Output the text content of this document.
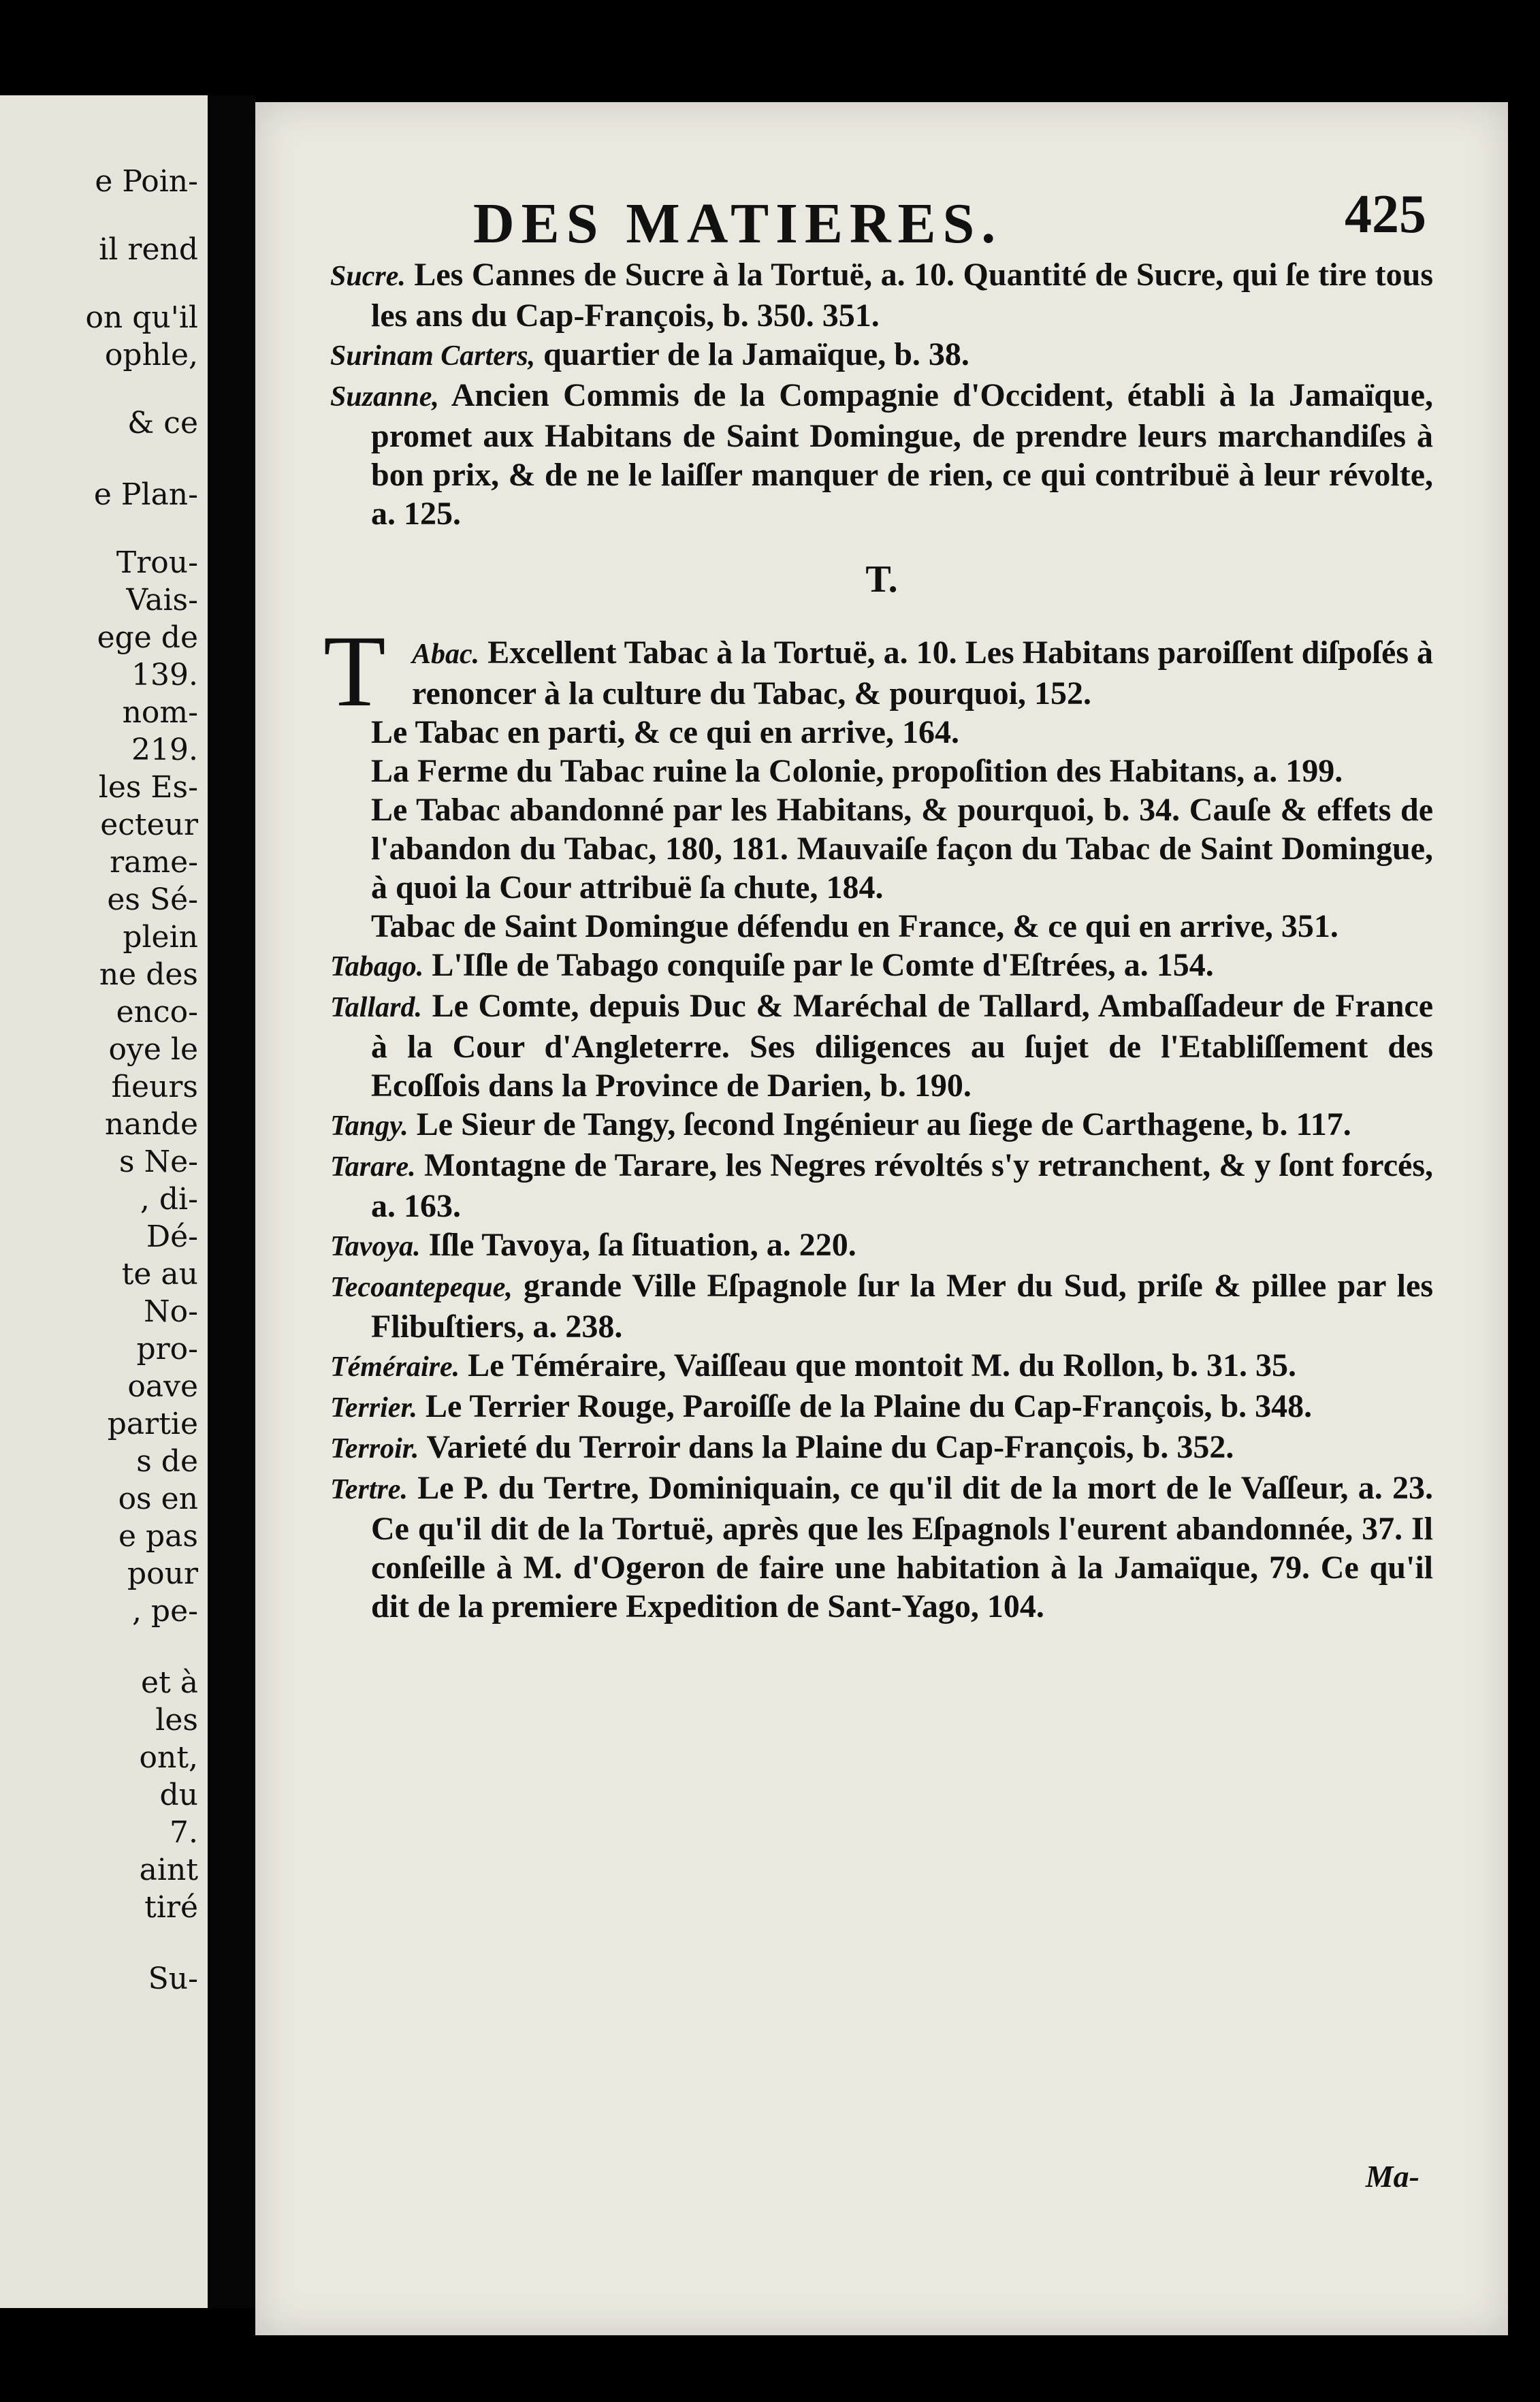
e Poin-
il rend
on qu'il
ophle,
& ce
e Plan-
Trou-
Vais-
ege de
139.
nom-
219.
les Es-
ecteur
rame-
es Sé-
plein
ne des
enco-
oye le
fieurs
nande
s Ne-
, di-
Dé-
te au
No-
pro-
oave
partie
s de
os en
e pas
pour
, pe-
et à
les
ont,
du
7.
aint
tiré
Su-
DES MATIERES.	425

Sucre. Les Cannes de Sucre à la Tortuë, a. 10. Quantité de Sucre, qui ſe tire tous les ans du Cap-François, b. 350. 351.

Surinam Carters, quartier de la Jamaïque, b. 38.

Suzanne, Ancien Commis de la Compagnie d'Occident, établi à la Jamaïque, promet aux Habitans de Saint Domingue, de prendre leurs marchandiſes à bon prix, & de ne le laiſſer manquer de rien, ce qui contribuë à leur révolte, a. 125.

T.

T Abac. Excellent Tabac à la Tortuë, a. 10. Les Habitans paroiſſent diſpoſés à renoncer à la culture du Tabac, & pourquoi, 152.

Le Tabac en parti, & ce qui en arrive, 164.

La Ferme du Tabac ruine la Colonie, propoſition des Habitans, a. 199.

Le Tabac abandonné par les Habitans, & pourquoi, b. 34. Cauſe & effets de l'abandon du Tabac, 180, 181. Mauvaiſe façon du Tabac de Saint Domingue, à quoi la Cour attribuë ſa chute, 184.

Tabac de Saint Domingue défendu en France, & ce qui en arrive, 351.

Tabago. L'Iſle de Tabago conquiſe par le Comte d'Eſtrées, a. 154.

Tallard. Le Comte, depuis Duc & Maréchal de Tallard, Ambaſſadeur de France à la Cour d'Angleterre. Ses diligences au ſujet de l'Etabliſſement des Ecoſſois dans la Province de Darien, b. 190.

Tangy. Le Sieur de Tangy, ſecond Ingénieur au ſiege de Carthagene, b. 117.

Tarare. Montagne de Tarare, les Negres révoltés s'y retranchent, & y ſont forcés, a. 163.

Tavoya. Iſle Tavoya, ſa ſituation, a. 220.

Tecoantepeque, grande Ville Eſpagnole ſur la Mer du Sud, priſe & pillee par les Flibuſtiers, a. 238.

Téméraire. Le Téméraire, Vaiſſeau que montoit M. du Rollon, b. 31. 35.

Terrier. Le Terrier Rouge, Paroiſſe de la Plaine du Cap-François, b. 348.

Terroir. Varieté du Terroir dans la Plaine du Cap-François, b. 352.

Tertre. Le P. du Tertre, Dominiquain, ce qu'il dit de la mort de le Vaſſeur, a. 23. Ce qu'il dit de la Tortuë, après que les Eſpagnols l'eurent abandonnée, 37. Il conſeille à M. d'Ogeron de faire une habitation à la Jamaïque, 79. Ce qu'il dit de la premiere Expedition de Sant-Yago, 104.

Ma-
